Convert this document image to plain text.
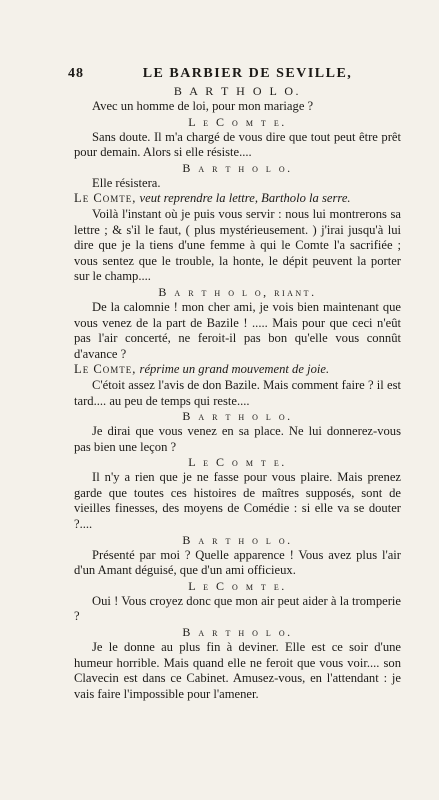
48	LE BARBIER DE SEVILLE,

B A R T H O L O.

Avec un homme de loi, pour mon mariage ?

L e C o m t e.

Sans doute. Il m'a chargé de vous dire que tout peut être prêt pour demain. Alors si elle résiste....

B a r t h o l o.

Elle résistera.

Le Comte, veut reprendre la lettre, Bartholo la serre.

Voilà l'instant où je puis vous servir : nous lui montrerons sa lettre ; & s'il le faut, ( plus mystérieusement. ) j'irai jusqu'à lui dire que je la tiens d'une femme à qui le Comte l'a sacrifiée ; vous sentez que le trouble, la honte, le dépit peuvent la porter sur le champ....

B a r t h o l o, riant.

De la calomnie ! mon cher ami, je vois bien maintenant que vous venez de la part de Bazile ! ..... Mais pour que ceci n'eût pas l'air concerté, ne feroit-il pas bon qu'elle vous connût d'avance ?

Le Comte, réprime un grand mouvement de joie.

C'étoit assez l'avis de don Bazile. Mais comment faire ? il est tard.... au peu de temps qui reste....

B a r t h o l o.

Je dirai que vous venez en sa place. Ne lui donnerez-vous pas bien une leçon ?

L e C o m t e.

Il n'y a rien que je ne fasse pour vous plaire. Mais prenez garde que toutes ces histoires de maîtres supposés, sont de vieilles finesses, des moyens de Comédie : si elle va se douter ?....

B a r t h o l o.

Présenté par moi ? Quelle apparence ! Vous avez plus l'air d'un Amant déguisé, que d'un ami officieux.

L e C o m t e.

Oui ! Vous croyez donc que mon air peut aider à la tromperie ?

B a r t h o l o.

Je le donne au plus fin à deviner. Elle est ce soir d'une humeur horrible. Mais quand elle ne feroit que vous voir.... son Clavecin est dans ce Cabinet. Amusez-vous, en l'attendant : je vais faire l'impossible pour l'amener.
